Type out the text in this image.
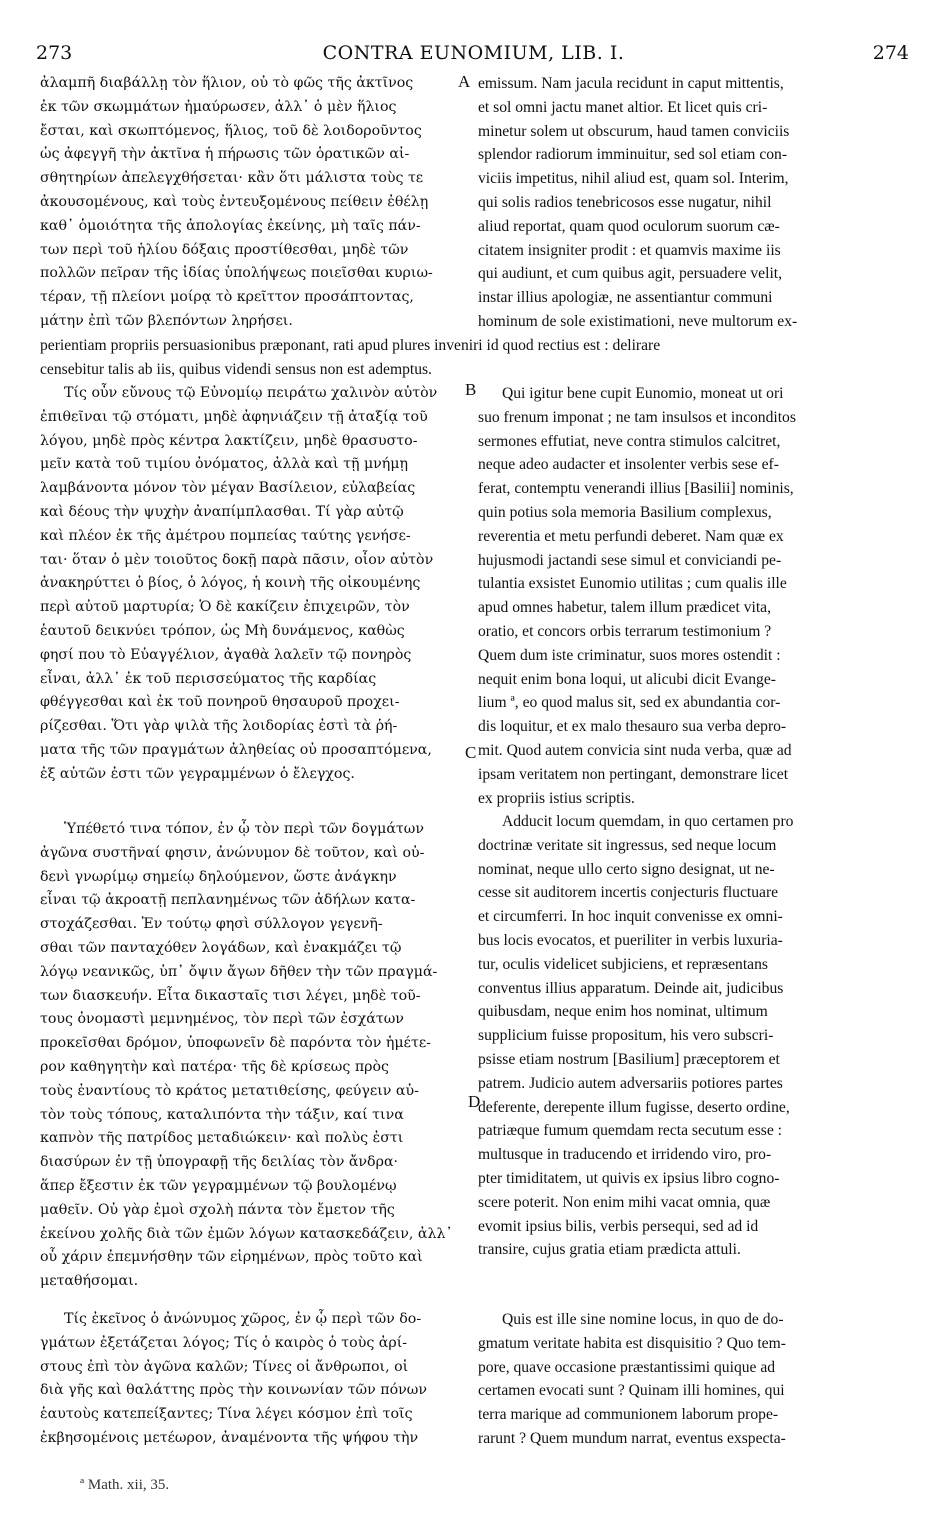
273	CONTRA EUNOMIUM, LIB. I.	274
A
B
C
D
ἀλαμπῆ διαβάλλῃ τὸν ἥλιον, οὐ τὸ φῶς τῆς ἀκτῖνος
ἐκ τῶν σκωμμάτων ἠμαύρωσεν, ἀλλ᾽ ὁ μὲν ἥλιος
ἔσται, καὶ σκωπτόμενος, ἥλιος, τοῦ δὲ λοιδοροῦντος
ὡς ἀφεγγῆ τὴν ἀκτῖνα ἡ πήρωσις τῶν ὁρατικῶν αἰ-
σθητηρίων ἀπελεγχθήσεται· κἂν ὅτι μάλιστα τοὺς τε
ἀκουσομένους, καὶ τοὺς ἐντευξομένους πείθειν ἐθέλῃ
καθ᾽ ὁμοιότητα τῆς ἀπολογίας ἐκείνης, μὴ ταῖς πάν-
των περὶ τοῦ ἡλίου δόξαις προστίθεσθαι, μηδὲ τῶν
πολλῶν πεῖραν τῆς ἰδίας ὑπολήψεως ποιεῖσθαι κυριω-
τέραν, τῇ πλείονι μοίρᾳ τὸ κρεῖττον προσάπτοντας,
μάτην ἐπὶ τῶν βλεπόντων ληρήσει.
emissum. Nam jacula recidunt in caput mittentis,
et sol omni jactu manet altior. Et licet quis cri-
minetur solem ut obscurum, haud tamen conviciis
splendor radiorum imminuitur, sed sol etiam con-
viciis impetitus, nihil aliud est, quam sol. Interim,
qui solis radios tenebricosos esse nugatur, nihil
aliud reportat, quam quod oculorum suorum cæ-
citatem insigniter prodit : et quamvis maxime iis
qui audiunt, et cum quibus agit, persuadere velit,
instar illius apologiæ, ne assentiantur communi
hominum de sole existimationi, neve multorum ex-
perientiam propriis persuasionibus præponant, rati apud plures inveniri id quod rectius est : delirare
censebitur talis ab iis, quibus videndi sensus non est ademptus.
Τίς οὖν εὔνους τῷ Εὐνομίῳ πειράτω χαλινὸν αὐτὸν
ἐπιθεῖναι τῷ στόματι, μηδὲ ἀφηνιάζειν τῇ ἀταξίᾳ τοῦ
λόγου, μηδὲ πρὸς κέντρα λακτίζειν, μηδὲ θρασυστο-
μεῖν κατὰ τοῦ τιμίου ὀνόματος, ἀλλὰ καὶ τῇ μνήμῃ
λαμβάνοντα μόνον τὸν μέγαν Βασίλειον, εὐλαβείας
καὶ δέους τὴν ψυχὴν ἀναπίμπλασθαι. Τί γὰρ αὐτῷ
καὶ πλέον ἐκ τῆς ἀμέτρου πομπείας ταύτης γενήσε-
ται· ὅταν ὁ μὲν τοιοῦτος δοκῇ παρὰ πᾶσιν, οἷον αὐτὸν
ἀνακηρύττει ὁ βίος, ὁ λόγος, ἡ κοινὴ τῆς οἰκουμένης
περὶ αὐτοῦ μαρτυρία; Ὁ δὲ κακίζειν ἐπιχειρῶν, τὸν
ἑαυτοῦ δεικνύει τρόπον, ὡς Μὴ δυνάμενος, καθὼς
φησί που τὸ Εὐαγγέλιον, ἀγαθὰ λαλεῖν τῷ πονηρὸς
εἶναι, ἀλλ᾽ ἐκ τοῦ περισσεύματος τῆς καρδίας
φθέγγεσθαι καὶ ἐκ τοῦ πονηροῦ θησαυροῦ προχει-
ρίζεσθαι. Ὅτι γὰρ ψιλὰ τῆς λοιδορίας ἐστὶ τὰ ῥή-
ματα τῆς τῶν πραγμάτων ἀληθείας οὐ προσαπτόμενα,
ἐξ αὐτῶν ἐστι τῶν γεγραμμένων ὁ ἔλεγχος.
Qui igitur bene cupit Eunomio, moneat ut ori
suo frenum imponat ; ne tam insulsos et inconditos
sermones effutiat, neve contra stimulos calcitret,
neque adeo audacter et insolenter verbis sese ef-
ferat, contemptu venerandi illius [Basilii] nominis,
quin potius sola memoria Basilium complexus,
reverentia et metu perfundi deberet. Nam quæ ex
hujusmodi jactandi sese simul et conviciandi pe-
tulantia exsistet Eunomio utilitas ; cum qualis ille
apud omnes habetur, talem illum prædicet vita,
oratio, et concors orbis terrarum testimonium ?
Quem dum iste criminatur, suos mores ostendit :
nequit enim bona loqui, ut alicubi dicit Evange-
lium ª, eo quod malus sit, sed ex abundantia cor-
dis loquitur, et ex malo thesauro sua verba depro-
mit. Quod autem convicia sint nuda verba, quæ ad
ipsam veritatem non pertingant, demonstrare licet
ex propriis istius scriptis.
Ὑπέθετό τινα τόπον, ἐν ᾧ τὸν περὶ τῶν δογμάτων
ἀγῶνα συστῆναί φησιν, ἀνώνυμον δὲ τοῦτον, καὶ οὐ-
δενὶ γνωρίμῳ σημείῳ δηλούμενον, ὥστε ἀνάγκην
εἶναι τῷ ἀκροατῇ πεπλανημένως τῶν ἀδήλων κατα-
στοχάζεσθαι. Ἐν τούτῳ φησὶ σύλλογον γεγενῆ-
σθαι τῶν πανταχόθεν λογάδων, καὶ ἐνακμάζει τῷ
λόγῳ νεανικῶς, ὑπ᾽ ὄψιν ἄγων δῆθεν τὴν τῶν πραγμά-
των διασκευήν. Εἶτα δικασταῖς τισι λέγει, μηδὲ τοῦ-
τους ὀνομαστὶ μεμνημένος, τὸν περὶ τῶν ἐσχάτων
προκεῖσθαι δρόμον, ὑποφωνεῖν δὲ παρόντα τὸν ἡμέτε-
ρον καθηγητὴν καὶ πατέρα· τῆς δὲ κρίσεως πρὸς
τοὺς ἐναντίους τὸ κράτος μετατιθείσης, φεύγειν αὐ-
τὸν τοὺς τόπους, καταλιπόντα τὴν τάξιν, καί τινα
καπνὸν τῆς πατρίδος μεταδιώκειν· καὶ πολὺς ἐστι
διασύρων ἐν τῇ ὑπογραφῇ τῆς δειλίας τὸν ἄνδρα·
ἅπερ ἔξεστιν ἐκ τῶν γεγραμμένων τῷ βουλομένῳ
μαθεῖν. Οὐ γὰρ ἐμοὶ σχολὴ πάντα τὸν ἔμετον τῆς
ἐκείνου χολῆς διὰ τῶν ἐμῶν λόγων κατασκεδάζειν, ἀλλ᾽
οὗ χάριν ἐπεμνήσθην τῶν εἰρημένων, πρὸς τοῦτο καὶ
μεταθήσομαι.
Adducit locum quemdam, in quo certamen pro
doctrinæ veritate sit ingressus, sed neque locum
nominat, neque ullo certo signo designat, ut ne-
cesse sit auditorem incertis conjecturis fluctuare
et circumferri. In hoc inquit convenisse ex omni-
bus locis evocatos, et pueriliter in verbis luxuria-
tur, oculis videlicet subjiciens, et repræsentans
conventus illius apparatum. Deinde ait, judicibus
quibusdam, neque enim hos nominat, ultimum
supplicium fuisse propositum, his vero subscri-
psisse etiam nostrum [Basilium] præceptorem et
patrem. Judicio autem adversariis potiores partes
deferente, derepente illum fugisse, deserto ordine,
patriæque fumum quemdam recta secutum esse :
multusque in traducendo et irridendo viro, pro-
pter timiditatem, ut quivis ex ipsius libro cogno-
scere poterit. Non enim mihi vacat omnia, quæ
evomit ipsius bilis, verbis persequi, sed ad id
transire, cujus gratia etiam prædicta attuli.
Τίς ἐκεῖνος ὁ ἀνώνυμος χῶρος, ἐν ᾧ περὶ τῶν δο-
γμάτων ἐξετάζεται λόγος; Τίς ὁ καιρὸς ὁ τοὺς ἀρί-
στους ἐπὶ τὸν ἀγῶνα καλῶν; Τίνες οἱ ἄνθρωποι, οἱ
διὰ γῆς καὶ θαλάττης πρὸς τὴν κοινωνίαν τῶν πόνων
ἑαυτοὺς κατεπείξαντες; Τίνα λέγει κόσμον ἐπὶ τοῖς
ἐκβησομένοις μετέωρον, ἀναμένοντα τῆς ψήφου τὴν
Quis est ille sine nomine locus, in quo de do-
gmatum veritate habita est disquisitio ? Quo tem-
pore, quave occasione præstantissimi quique ad
certamen evocati sunt ? Quinam illi homines, qui
terra marique ad communionem laborum prope-
rarunt ? Quem mundum narrat, eventus exspecta-
ª Math. xii, 35.
